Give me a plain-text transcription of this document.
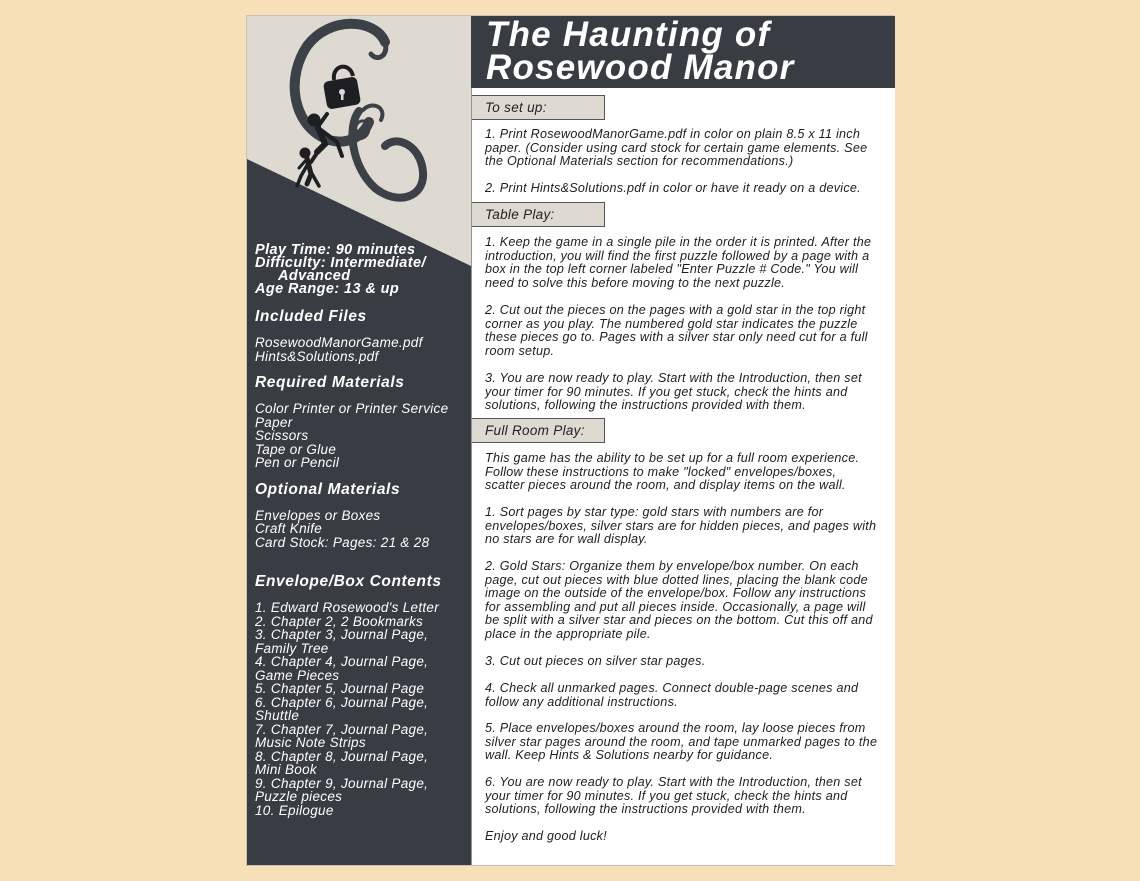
Play Time: 90 minutes
Difficulty: Intermediate/
Advanced
Age Range: 13 & up
Included Files
RosewoodManorGame.pdf
Hints&Solutions.pdf
Required Materials
Color Printer or Printer Service
Paper
Scissors
Tape or Glue
Pen or Pencil
Optional Materials
Envelopes or Boxes
Craft Knife
Card Stock: Pages: 21 & 28
Envelope/Box Contents
1. Edward Rosewood's Letter
2. Chapter 2, 2 Bookmarks
3. Chapter 3, Journal Page,
Family Tree
4. Chapter 4, Journal Page,
Game Pieces
5. Chapter 5, Journal Page
6. Chapter 6, Journal Page,
Shuttle
7. Chapter 7, Journal Page,
Music Note Strips
8. Chapter 8, Journal Page,
Mini Book
9. Chapter 9, Journal Page,
Puzzle pieces
10. Epilogue
The Haunting of
Rosewood Manor
To set up:

1. Print RosewoodManorGame.pdf in color on plain 8.5 x 11 inch
paper. (Consider using card stock for certain game elements. See
the Optional Materials section for recommendations.)

2. Print Hints&Solutions.pdf in color or have it ready on a device.

Table Play:

1. Keep the game in a single pile in the order it is printed. After the
introduction, you will find the first puzzle followed by a page with a
box in the top left corner labeled "Enter Puzzle # Code." You will
need to solve this before moving to the next puzzle.

2. Cut out the pieces on the pages with a gold star in the top right
corner as you play. The numbered gold star indicates the puzzle
these pieces go to. Pages with a silver star only need cut for a full
room setup.

3. You are now ready to play. Start with the Introduction, then set
your timer for 90 minutes. If you get stuck, check the hints and
solutions, following the instructions provided with them.

Full Room Play:

This game has the ability to be set up for a full room experience.
Follow these instructions to make "locked" envelopes/boxes,
scatter pieces around the room, and display items on the wall.

1. Sort pages by star type: gold stars with numbers are for
envelopes/boxes, silver stars are for hidden pieces, and pages with
no stars are for wall display.

2. Gold Stars: Organize them by envelope/box number. On each
page, cut out pieces with blue dotted lines, placing the blank code
image on the outside of the envelope/box. Follow any instructions
for assembling and put all pieces inside. Occasionally, a page will
be split with a silver star and pieces on the bottom. Cut this off and
place in the appropriate pile.

3. Cut out pieces on silver star pages.

4. Check all unmarked pages. Connect double-page scenes and
follow any additional instructions.

5. Place envelopes/boxes around the room, lay loose pieces from
silver star pages around the room, and tape unmarked pages to the
wall. Keep Hints & Solutions nearby for guidance.

6. You are now ready to play. Start with the Introduction, then set
your timer for 90 minutes. If you get stuck, check the hints and
solutions, following the instructions provided with them.

Enjoy and good luck!
